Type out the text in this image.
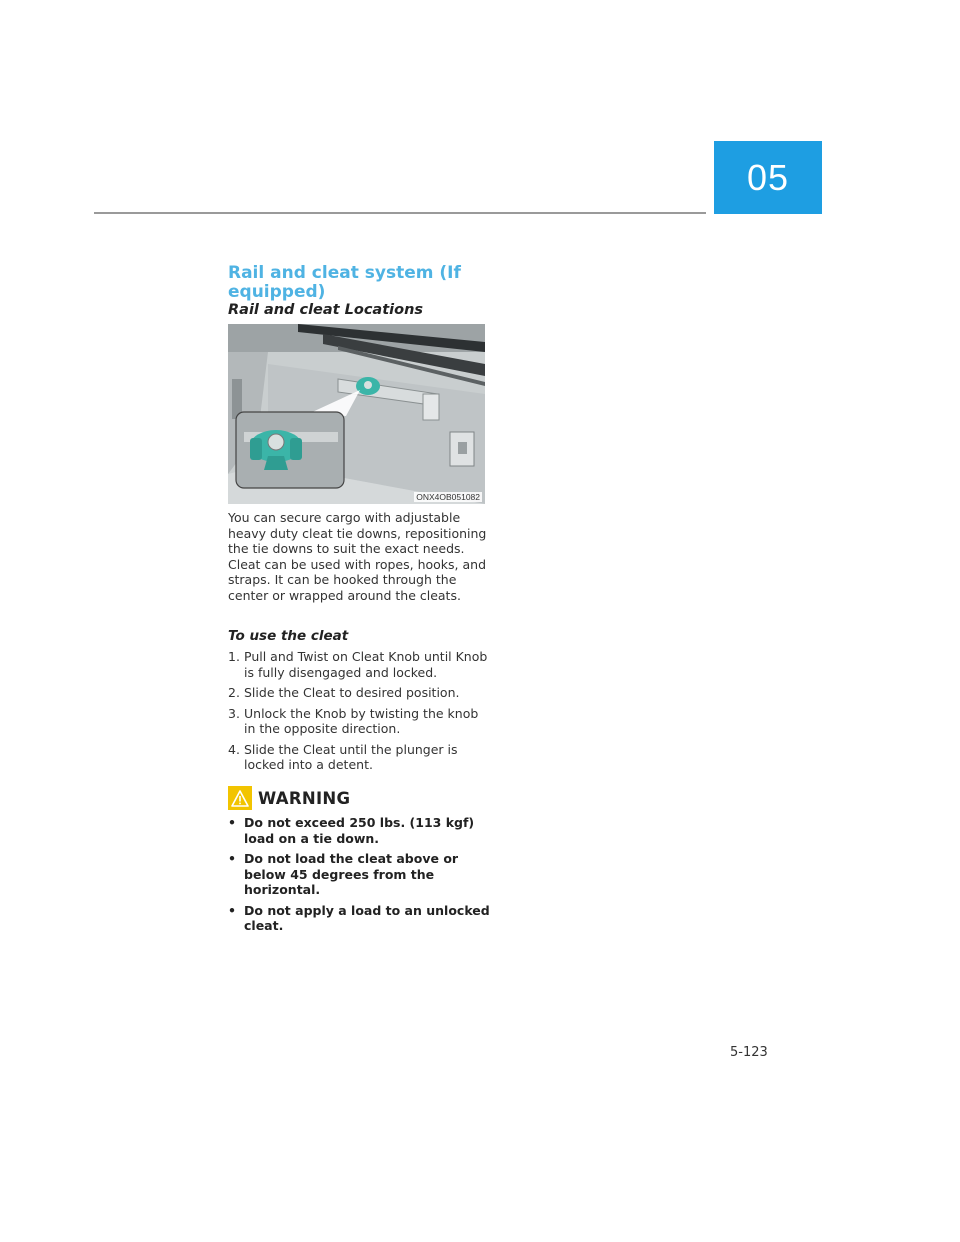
05
Rail and cleat system (If equipped)
Rail and cleat Locations
ONX4OB051082
You can secure cargo with adjustable heavy duty cleat tie downs, repositioning the tie downs to suit the exact needs. Cleat can be used with ropes, hooks, and straps. It can be hooked through the center or wrapped around the cleats.
To use the cleat
1. Pull and Twist on Cleat Knob until Knob is fully disengaged and locked.
2. Slide the Cleat to desired position.
3. Unlock the Knob by twisting the knob in the opposite direction.
4. Slide the Cleat until the plunger is locked into a detent.
WARNING
• Do not exceed 250 lbs. (113 kgf) load on a tie down.
• Do not load the cleat above or below 45 degrees from the horizontal.
• Do not apply a load to an unlocked cleat.
5-123
